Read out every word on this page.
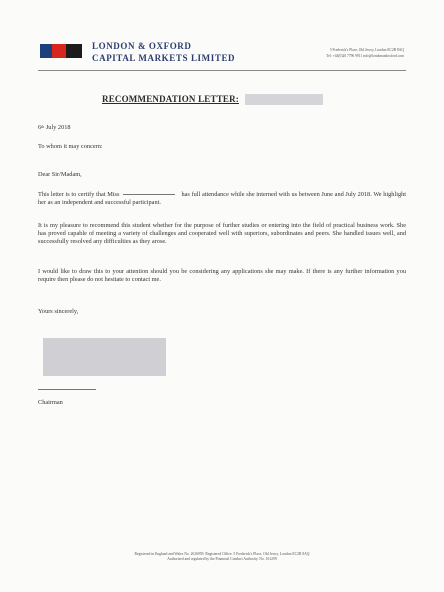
LONDON & OXFORD
CAPITAL MARKETS LIMITED
5 Frederick's Place, Old Jewry, London EC2R 8AQ
Tel: +44(0)20 7796 9911 info@londonandoxford.com
RECOMMENDATION LETTER:
6th July 2018
To whom it may concern:
Dear Sir/Madam,
This letter is to certify that Miss	has full attendance while she interned with us between June and July 2018. We highlight her as an independent and successful participant.
It is my pleasure to recommend this student whether for the purpose of further studies or entering into the field of practical business work. She has proved capable of meeting a variety of challenges and cooperated well with superiors, subordinates and peers. She handled issues well, and successfully resolved any difficulties as they arose.
I would like to draw this to your attention should you be considering any applications she may make. If there is any further information you require then please do not hesitate to contact me.
Yours sincerely,
Chairman
Registered in England and Wales No. 2616959. Registered Office: 5 Frederick's Place, Old Jewry, London EC2R 8AQ
Authorised and regulated by the Financial Conduct Authority. No. 161299
